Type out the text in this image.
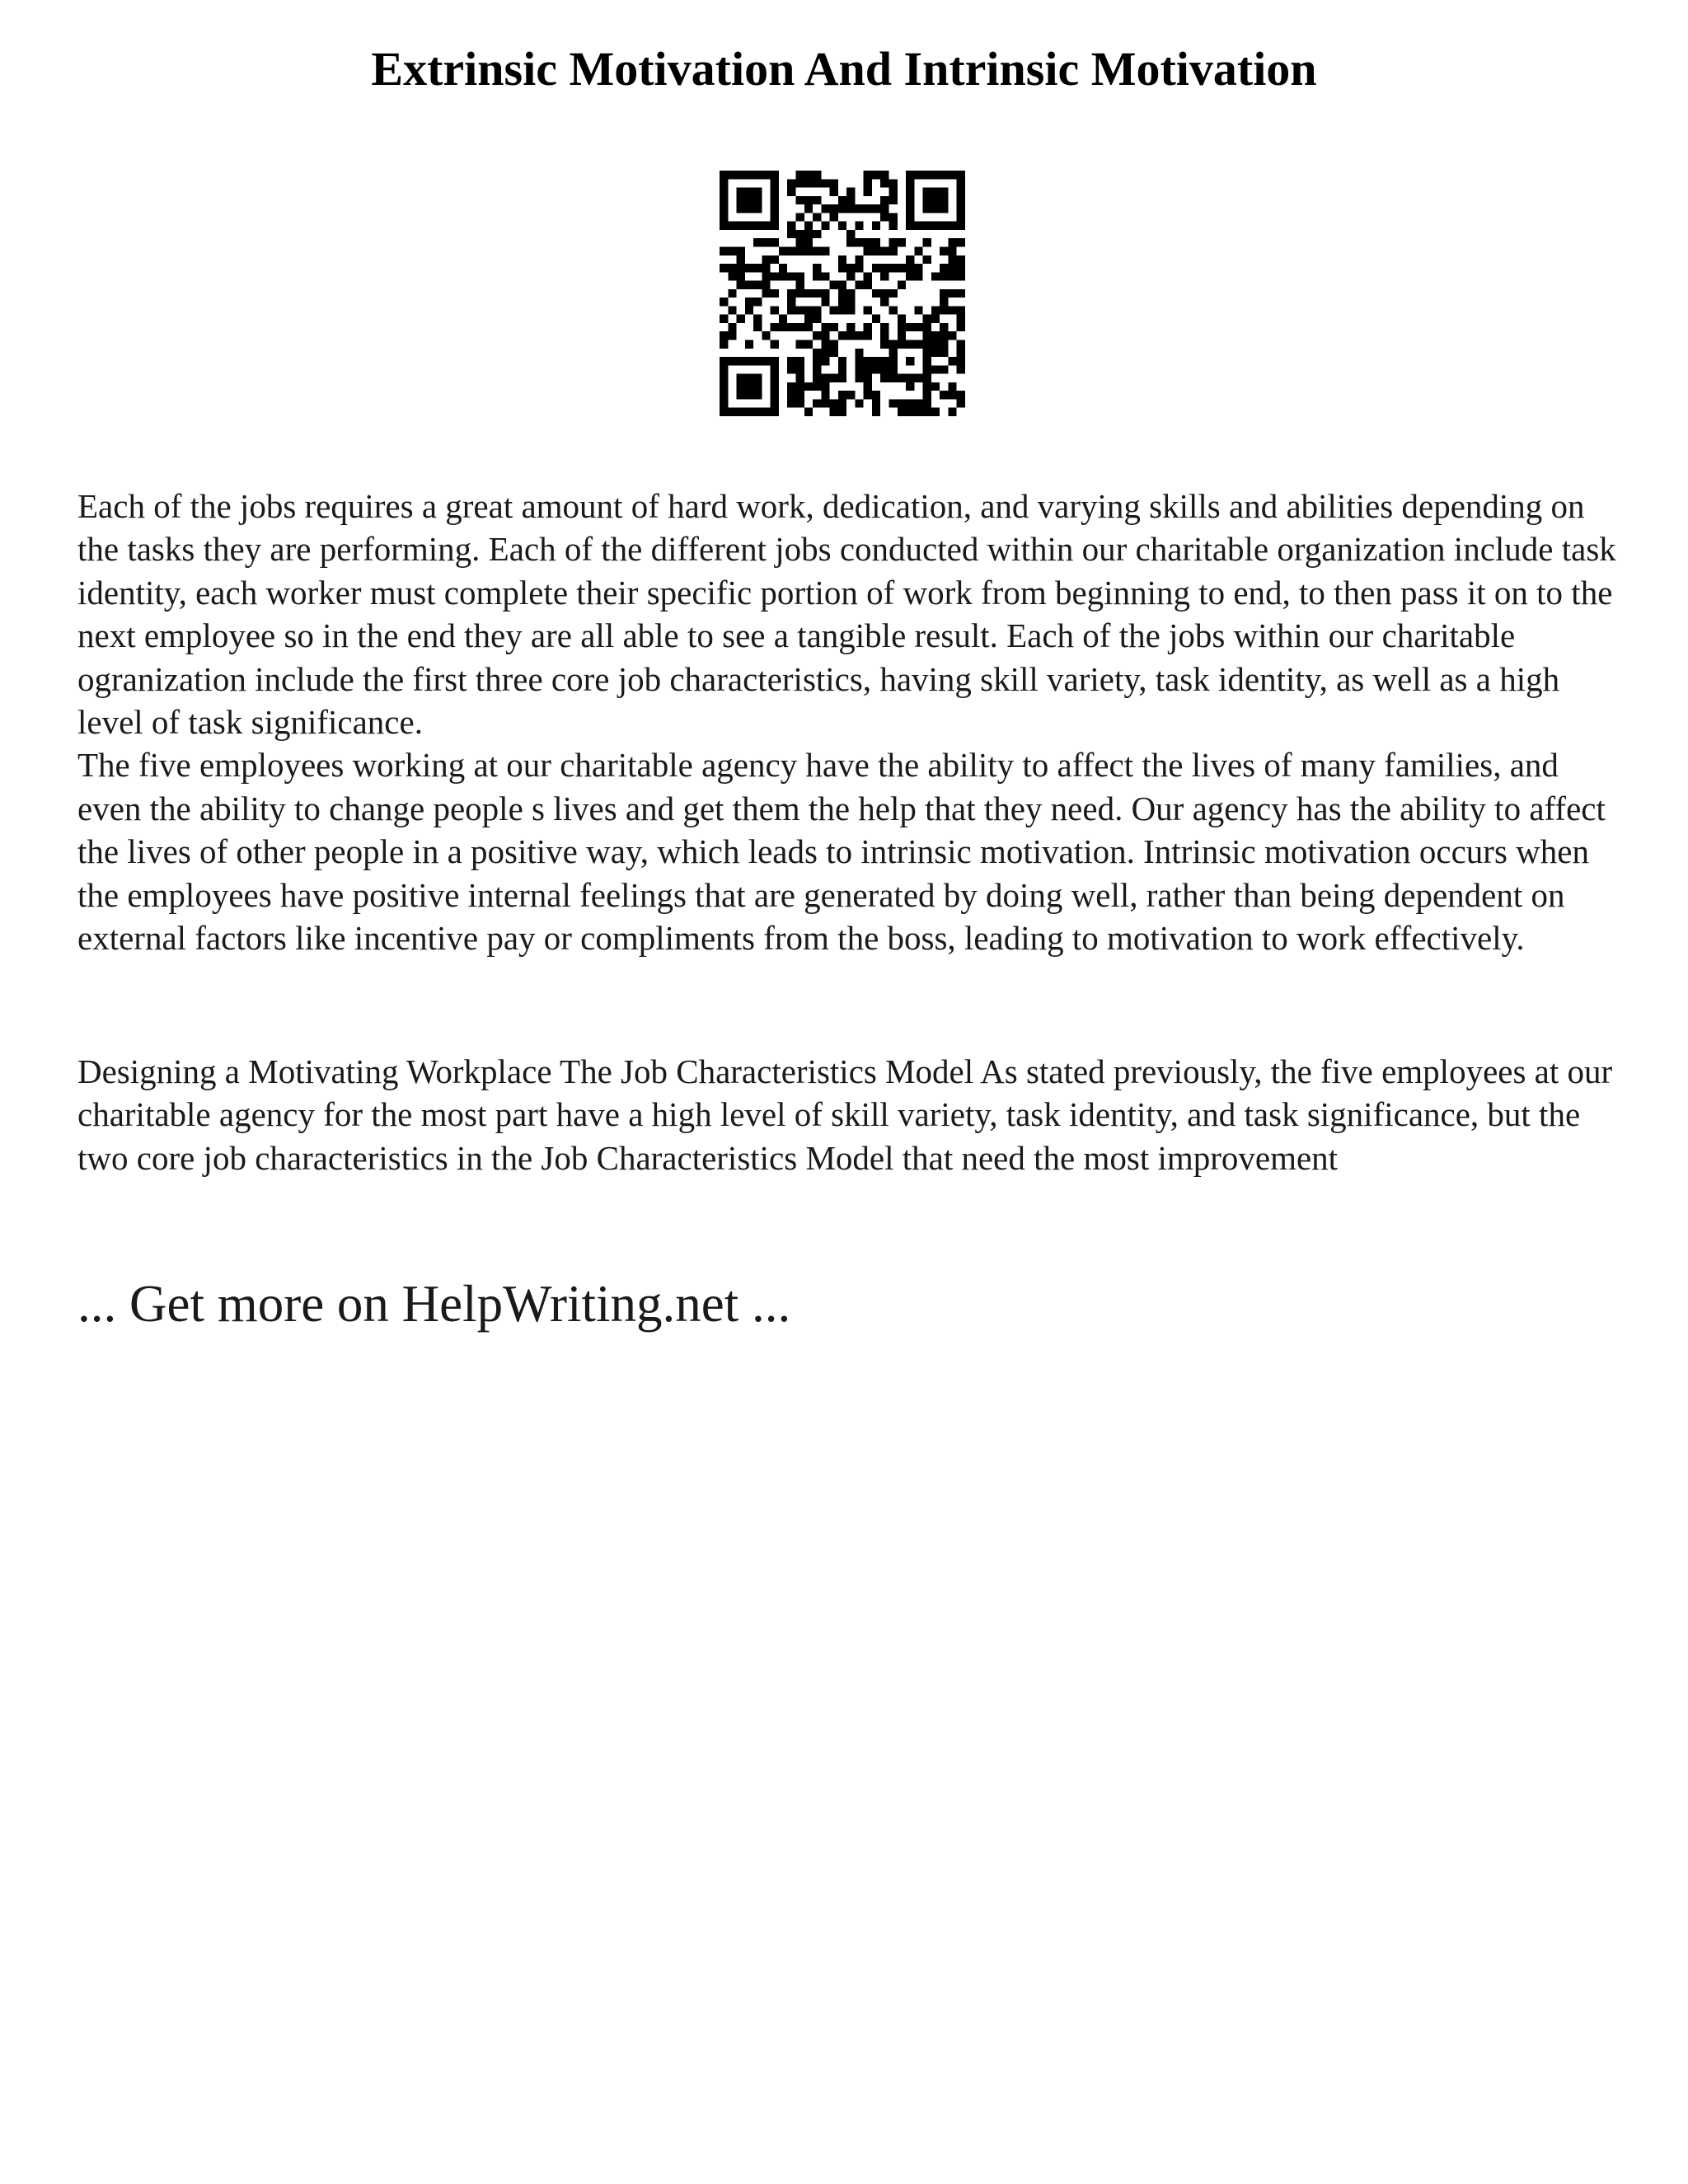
Extrinsic Motivation And Intrinsic Motivation

Each of the jobs requires a great amount of hard work, dedication, and varying skills and abilities depending on the tasks they are performing. Each of the different jobs conducted within our charitable organization include task identity, each worker must complete their specific portion of work from beginning to end, to then pass it on to the next employee so in the end they are all able to see a tangible result. Each of the jobs within our charitable ogranization include the first three core job characteristics, having skill variety, task identity, as well as a high level of task significance.
The five employees working at our charitable agency have the ability to affect the lives of many families, and even the ability to change people s lives and get them the help that they need. Our agency has the ability to affect the lives of other people in a positive way, which leads to intrinsic motivation. Intrinsic motivation occurs when the employees have positive internal feelings that are generated by doing well, rather than being dependent on external factors like incentive pay or compliments from the boss, leading to motivation to work effectively.

Designing a Motivating Workplace The Job Characteristics Model As stated previously, the five employees at our charitable agency for the most part have a high level of skill variety, task identity, and task significance, but the two core job characteristics in the Job Characteristics Model that need the most improvement

... Get more on HelpWriting.net ...
